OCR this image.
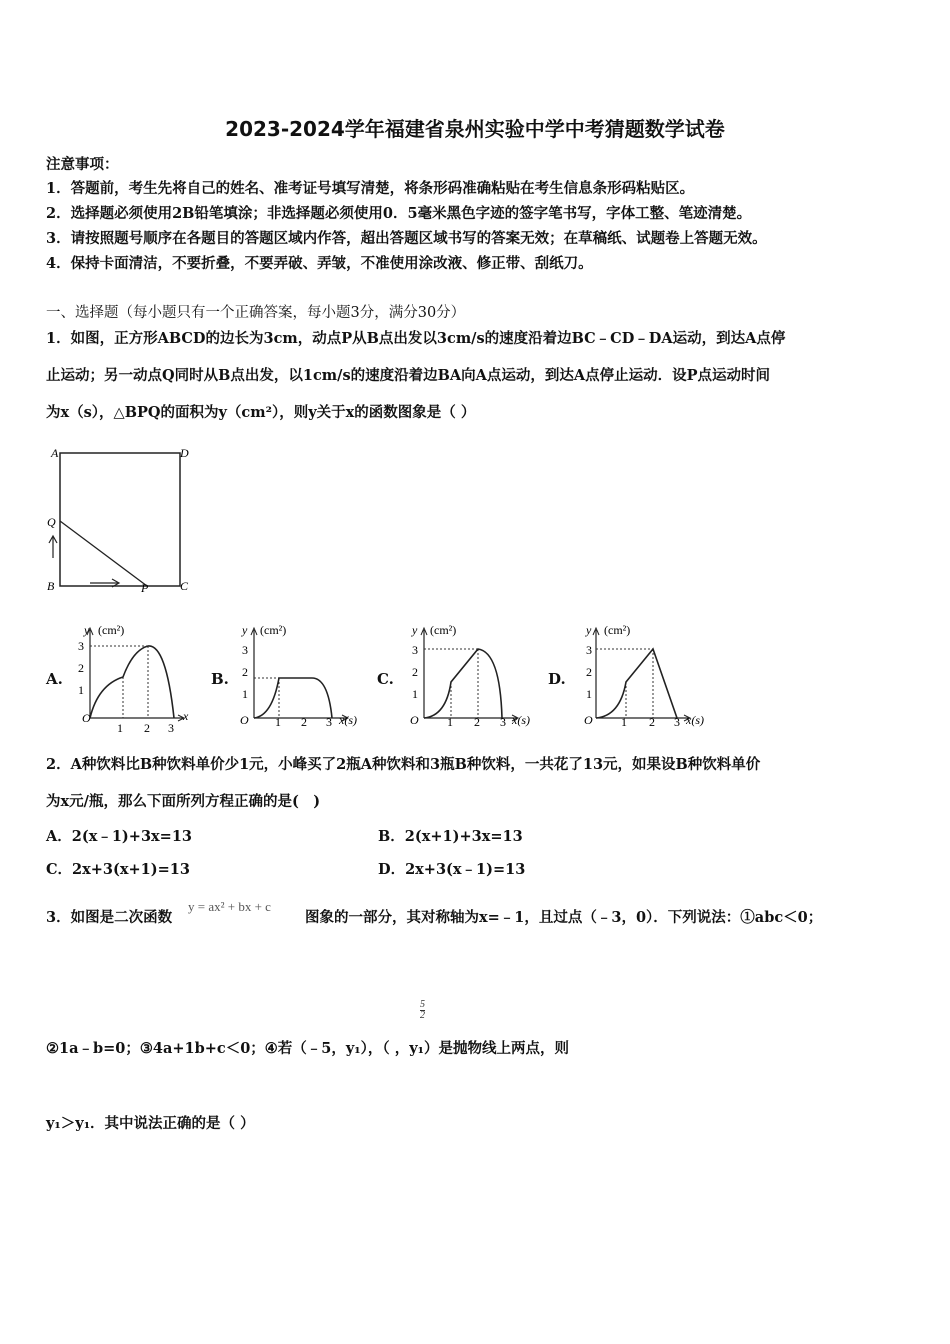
2023-2024学年福建省泉州实验中学中考猜题数学试卷
注意事项：
1．答题前，考生先将自己的姓名、准考证号填写清楚，将条形码准确粘贴在考生信息条形码粘贴区。
2．选择题必须使用2B铅笔填涂；非选择题必须使用0．5毫米黑色字迹的签字笔书写，字体工整、笔迹清楚。
3．请按照题号顺序在各题目的答题区域内作答，超出答题区域书写的答案无效；在草稿纸、试题卷上答题无效。
4．保持卡面清洁，不要折叠，不要弄破、弄皱，不准使用涂改液、修正带、刮纸刀。
一、选择题（每小题只有一个正确答案，每小题3分，满分30分）
1．如图，正方形ABCD的边长为3cm，动点P从B点出发以3cm/s的速度沿着边BC﹣CD﹣DA运动，到达A点停
止运动；另一动点Q同时从B点出发，以1cm/s的速度沿着边BA向A点运动，到达A点停止运动．设P点运动时间
为x（s），△BPQ的面积为y（cm²），则y关于x的函数图象是（ ）
A	D
Q
B	P	C
A.	B.	C.	D.
y (cm²)
x
O
1 2 3
1
2
3
y (cm²)
x(s)
O 1 2 3
1
2
3
y (cm²)
x(s)
O 1 2 3
1
2
3
y (cm²)
x(s)
O 1 2 3
1
2
3
2．A种饮料比B种饮料单价少1元，小峰买了2瓶A种饮料和3瓶B种饮料，一共花了13元，如果设B种饮料单价
为x元/瓶，那么下面所列方程正确的是(　)
A．2(x﹣1)+3x=13	B．2(x+1)+3x=13
C．2x+3(x+1)=13	D．2x+3(x﹣1)=13
3．如图是二次函数
y = ax² + bx + c
图象的一部分，其对称轴为x=﹣1，且过点（﹣3，0）．下列说法：①abc＜0；
$\frac{5}{2}$
②1a﹣b=0；③4a+1b+c＜0；④若（﹣5，y₁），（ ，y₁）是抛物线上两点，则
y₁＞y₁．其中说法正确的是（ ）
